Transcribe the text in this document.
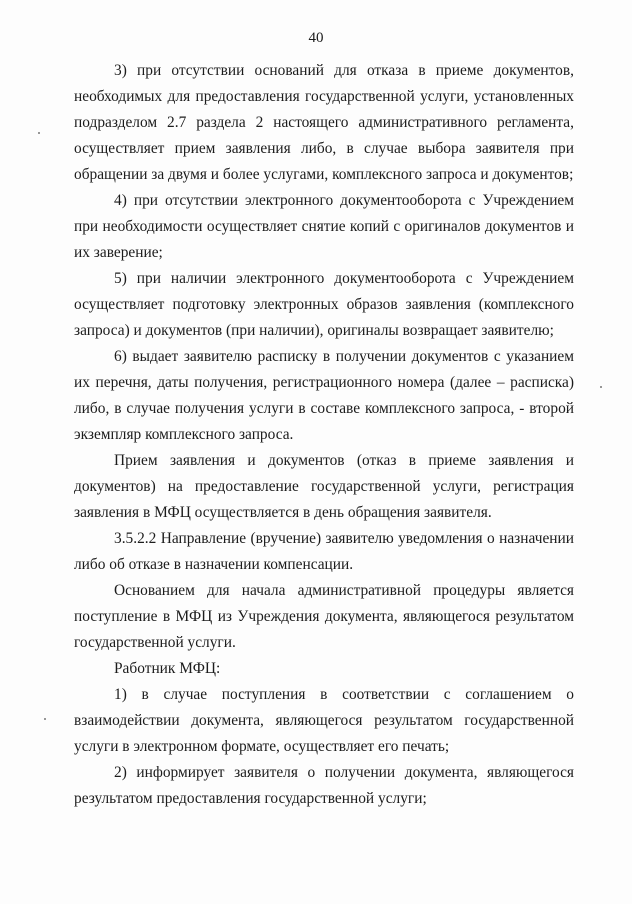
40

3) при отсутствии оснований для отказа в приеме документов, необходимых для предоставления государственной услуги, установленных подразделом 2.7 раздела 2 настоящего административного регламента, осуществляет прием заявления либо, в случае выбора заявителя при обращении за двумя и более услугами, комплексного запроса и документов;

4) при отсутствии электронного документооборота с Учреждением при необходимости осуществляет снятие копий с оригиналов документов и их заверение;

5) при наличии электронного документооборота с Учреждением осуществляет подготовку электронных образов заявления (комплексного запроса) и документов (при наличии), оригиналы возвращает заявителю;

6) выдает заявителю расписку в получении документов с указанием их перечня, даты получения, регистрационного номера (далее – расписка) либо, в случае получения услуги в составе комплексного запроса, - второй экземпляр комплексного запроса.

Прием заявления и документов (отказ в приеме заявления и документов) на предоставление государственной услуги, регистрация заявления в МФЦ осуществляется в день обращения заявителя.

3.5.2.2 Направление (вручение) заявителю уведомления о назначении либо об отказе в назначении компенсации.

Основанием для начала административной процедуры является поступление в МФЦ из Учреждения документа, являющегося результатом государственной услуги.

Работник МФЦ:

1) в случае поступления в соответствии с соглашением о взаимодействии документа, являющегося результатом государственной услуги в электронном формате, осуществляет его печать;

2) информирует заявителя о получении документа, являющегося результатом предоставления государственной услуги;
